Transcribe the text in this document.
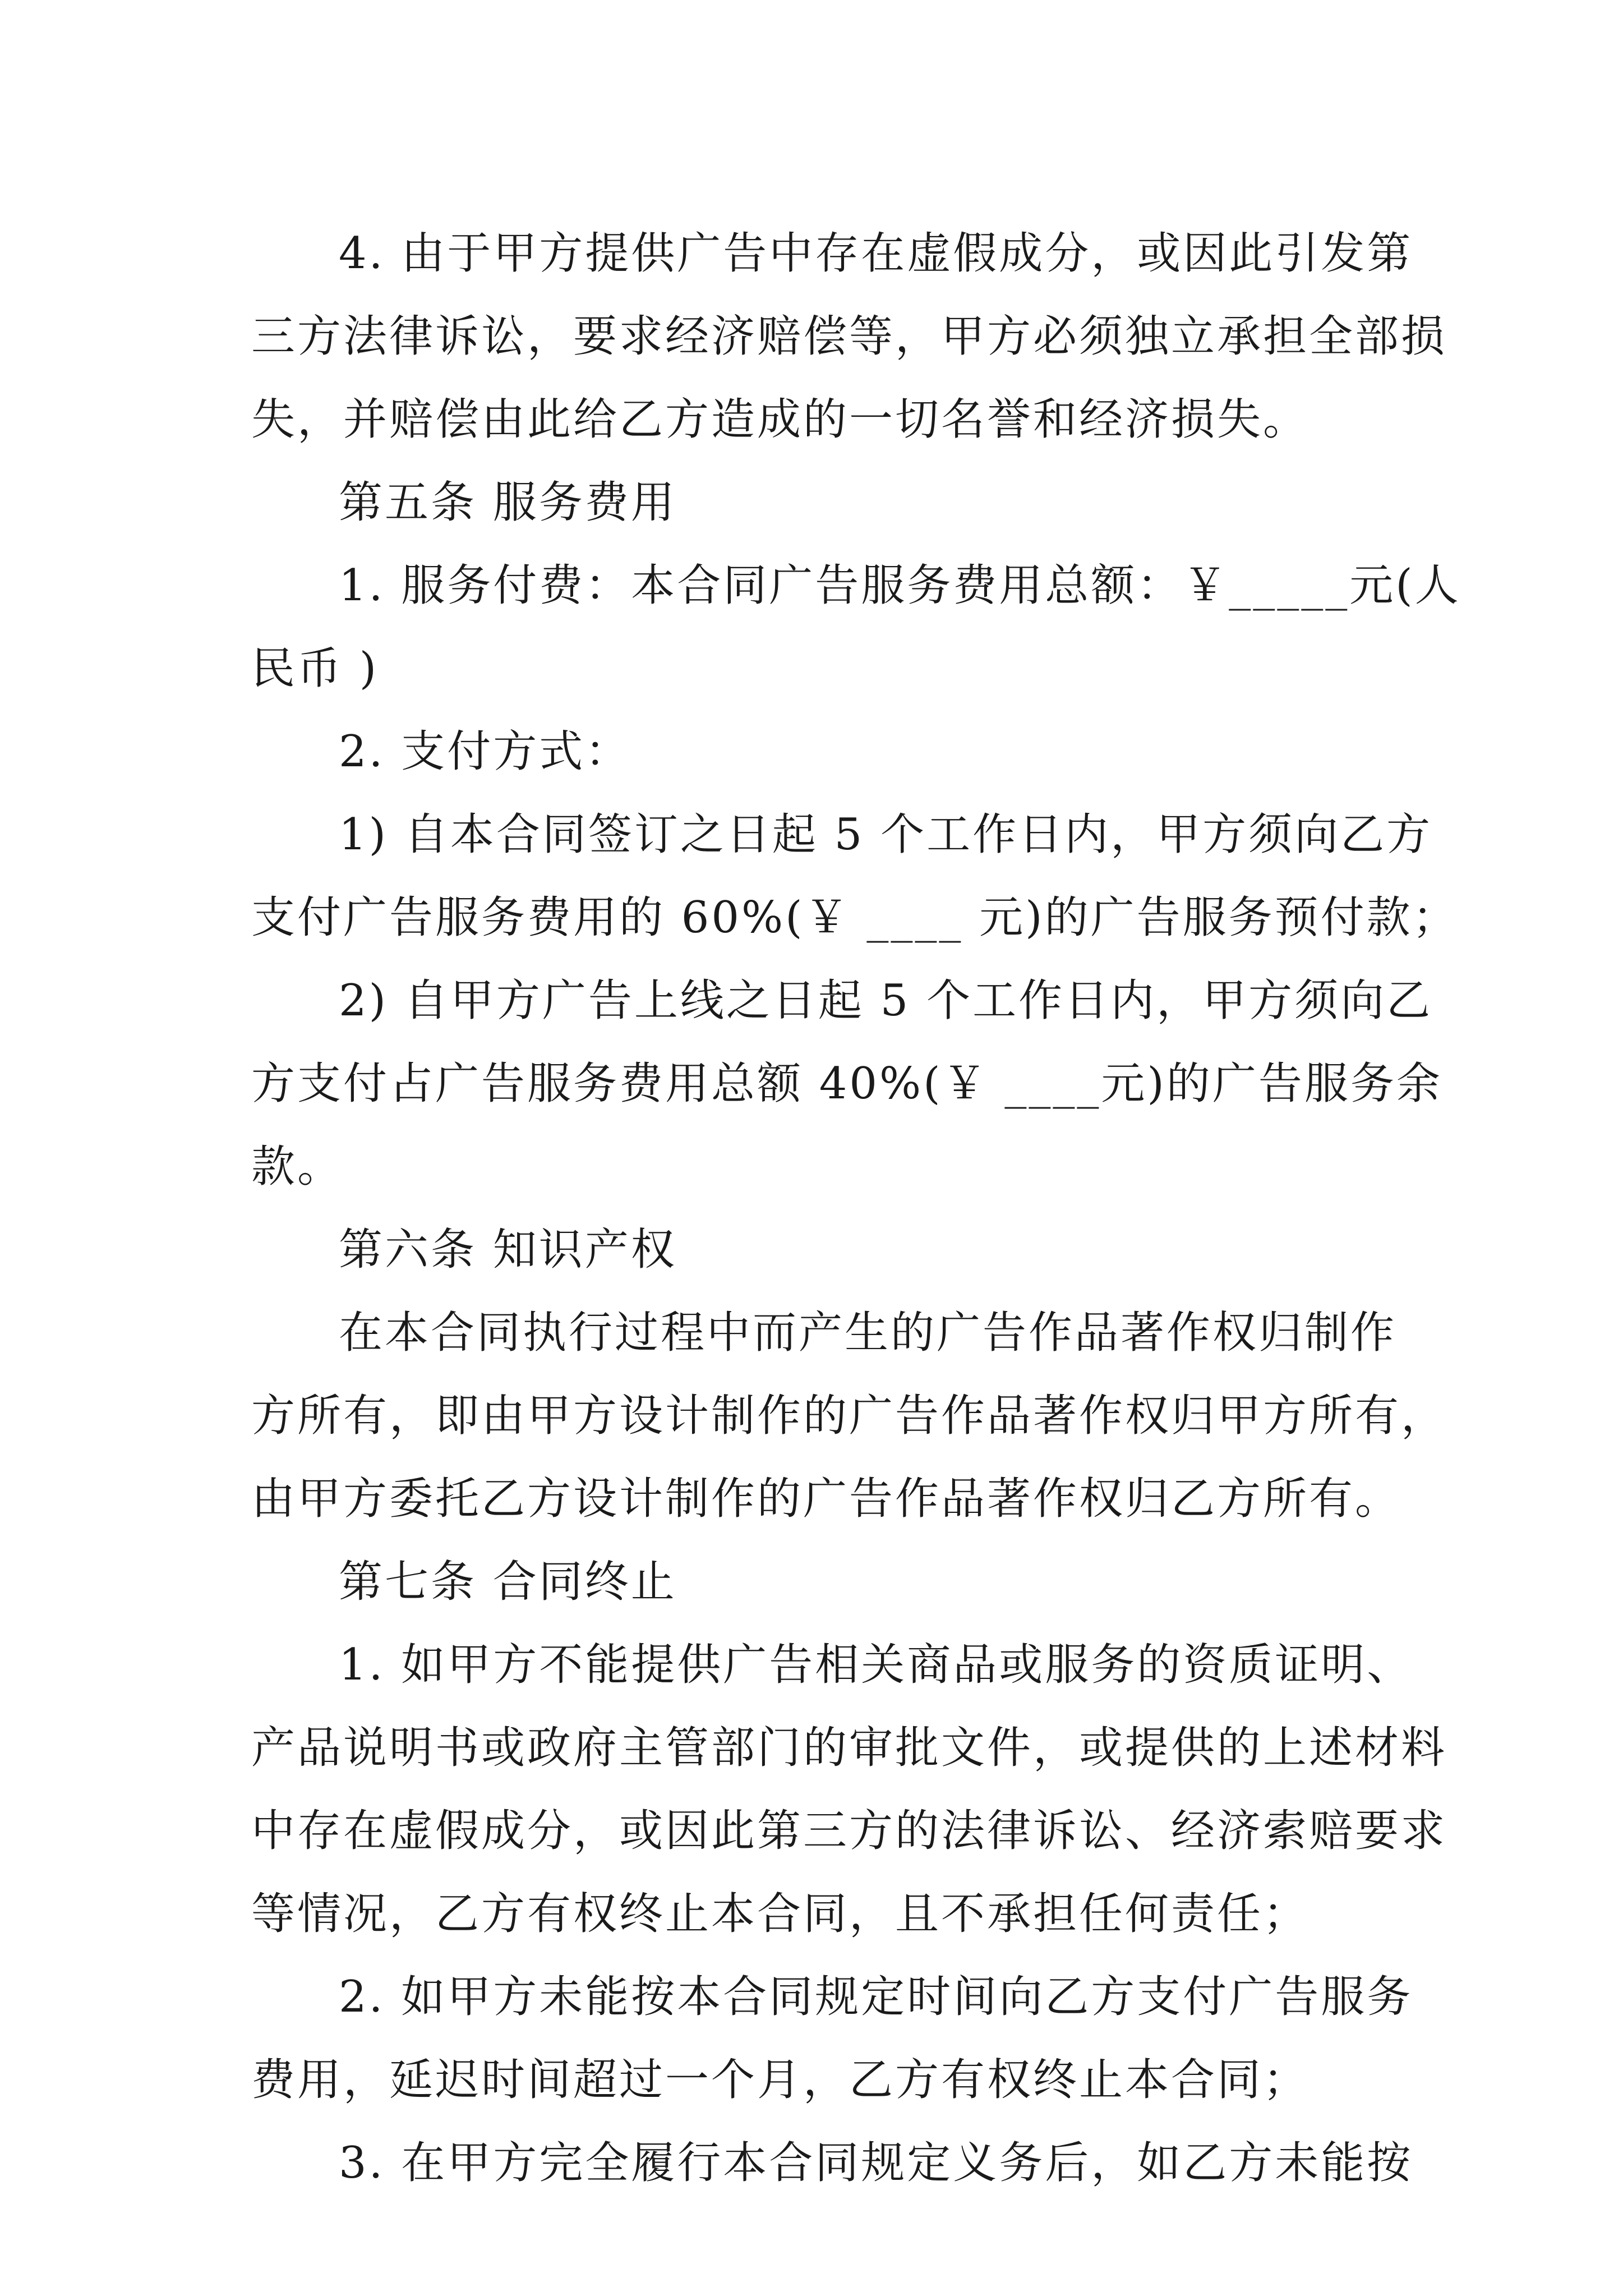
4. 由于甲方提供广告中存在虚假成分，或因此引发第
三方法律诉讼，要求经济赔偿等，甲方必须独立承担全部损
失，并赔偿由此给乙方造成的一切名誉和经济损失。
第五条 服务费用
1. 服务付费：本合同广告服务费用总额：￥_____元(人
民币 )
2. 支付方式：
1) 自本合同签订之日起 5 个工作日内，甲方须向乙方
支付广告服务费用的 60%(￥ ____ 元)的广告服务预付款；
2) 自甲方广告上线之日起 5 个工作日内，甲方须向乙
方支付占广告服务费用总额 40%(￥ ____元)的广告服务余
款。
第六条 知识产权
在本合同执行过程中而产生的广告作品著作权归制作
方所有，即由甲方设计制作的广告作品著作权归甲方所有，
由甲方委托乙方设计制作的广告作品著作权归乙方所有。
第七条 合同终止
1. 如甲方不能提供广告相关商品或服务的资质证明、
产品说明书或政府主管部门的审批文件，或提供的上述材料
中存在虚假成分，或因此第三方的法律诉讼、经济索赔要求
等情况，乙方有权终止本合同，且不承担任何责任；
2. 如甲方未能按本合同规定时间向乙方支付广告服务
费用，延迟时间超过一个月，乙方有权终止本合同；
3. 在甲方完全履行本合同规定义务后，如乙方未能按
